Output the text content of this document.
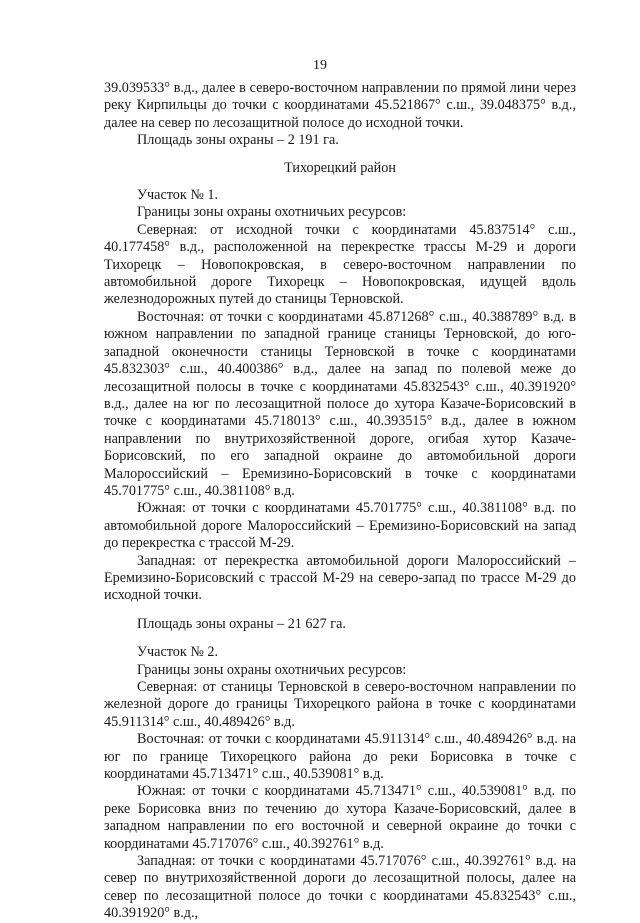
19

39.039533° в.д., далее в северо-восточном направлении по прямой лини через реку Кирпильцы до точки с координатами 45.521867° с.ш., 39.048375° в.д., далее на север по лесозащитной полосе до исходной точки.

Площадь зоны охраны – 2 191 га.

Тихорецкий район

Участок № 1.

Границы зоны охраны охотничьих ресурсов:

Северная: от исходной точки с координатами 45.837514° с.ш., 40.177458° в.д., расположенной на перекрестке трассы М-29 и дороги Тихорецк – Новопокровская, в северо-восточном направлении по автомобильной дороге Тихорецк – Новопокровская, идущей вдоль железнодорожных путей до станицы Терновской.

Восточная: от точки с координатами 45.871268° с.ш., 40.388789° в.д. в южном направлении по западной границе станицы Терновской, до юго-западной оконечности станицы Терновской в точке с координатами 45.832303° с.ш., 40.400386° в.д., далее на запад по полевой меже до лесозащитной полосы в точке с координатами 45.832543° с.ш., 40.391920° в.д., далее на юг по лесозащитной полосе до хутора Казаче-Борисовский в точке с координатами 45.718013° с.ш., 40.393515° в.д., далее в южном направлении по внутрихозяйственной дороге, огибая хутор Казаче-Борисовский, по его западной окраине до автомобильной дороги Малороссийский – Еремизино-Борисовский в точке с координатами 45.701775° с.ш., 40.381108° в.д.

Южная: от точки с координатами 45.701775° с.ш., 40.381108° в.д. по автомобильной дороге Малороссийский – Еремизино-Борисовский на запад до перекрестка с трассой М-29.

Западная: от перекрестка автомобильной дороги Малороссийский – Еремизино-Борисовский с трассой М-29 на северо-запад по трассе М-29 до исходной точки.

Площадь зоны охраны – 21 627 га.

Участок № 2.

Границы зоны охраны охотничьих ресурсов:

Северная: от станицы Терновской в северо-восточном направлении по железной дороге до границы Тихорецкого района в точке с координатами 45.911314° с.ш., 40.489426° в.д.

Восточная: от точки с координатами 45.911314° с.ш., 40.489426° в.д. на юг по границе Тихорецкого района до реки Борисовка в точке с координатами 45.713471° с.ш., 40.539081° в.д.

Южная: от точки с координатами 45.713471° с.ш., 40.539081° в.д. по реке Борисовка вниз по течению до хутора Казаче-Борисовский, далее в западном направлении по его восточной и северной окраине до точки с координатами 45.717076° с.ш., 40.392761° в.д.

Западная: от точки с координатами 45.717076° с.ш., 40.392761° в.д. на север по внутрихозяйственной дороги до лесозащитной полосы, далее на север по лесозащитной полосе до точки с координатами 45.832543° с.ш., 40.391920° в.д.,
